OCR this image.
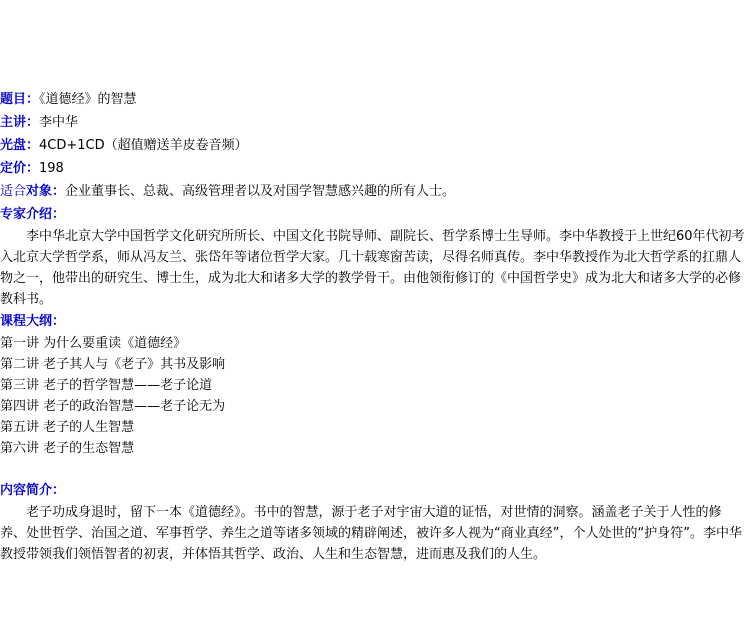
题目：《道德经》的智慧
主讲：李中华
光盘：4CD+1CD（超值赠送羊皮卷音频）
定价：198
适合对象：企业董事长、总裁、高级管理者以及对国学智慧感兴趣的所有人士。
专家介绍：

李中华北京大学中国哲学文化研究所所长、中国文化书院导师、副院长、哲学系博士生导师。李中华教授于上世纪60年代初考入北京大学哲学系，师从冯友兰、张岱年等诸位哲学大家。几十载寒窗苦读，尽得名师真传。李中华教授作为北大哲学系的扛鼎人物之一，他带出的研究生、博士生，成为北大和诸多大学的教学骨干。由他领衔修订的《中国哲学史》成为北大和诸多大学的必修教科书。

课程大纲：
第一讲 为什么要重读《道德经》
第二讲 老子其人与《老子》其书及影响
第三讲 老子的哲学智慧——老子论道
第四讲 老子的政治智慧——老子论无为
第五讲 老子的人生智慧
第六讲 老子的生态智慧
内容简介：

老子功成身退时，留下一本《道德经》。书中的智慧，源于老子对宇宙大道的证悟，对世情的洞察。涵盖老子关于人性的修养、处世哲学、治国之道、军事哲学、养生之道等诸多领域的精辟阐述，被许多人视为“商业真经”，个人处世的“护身符”。李中华教授带领我们领悟智者的初衷，并体悟其哲学、政治、人生和生态智慧，进而惠及我们的人生。
